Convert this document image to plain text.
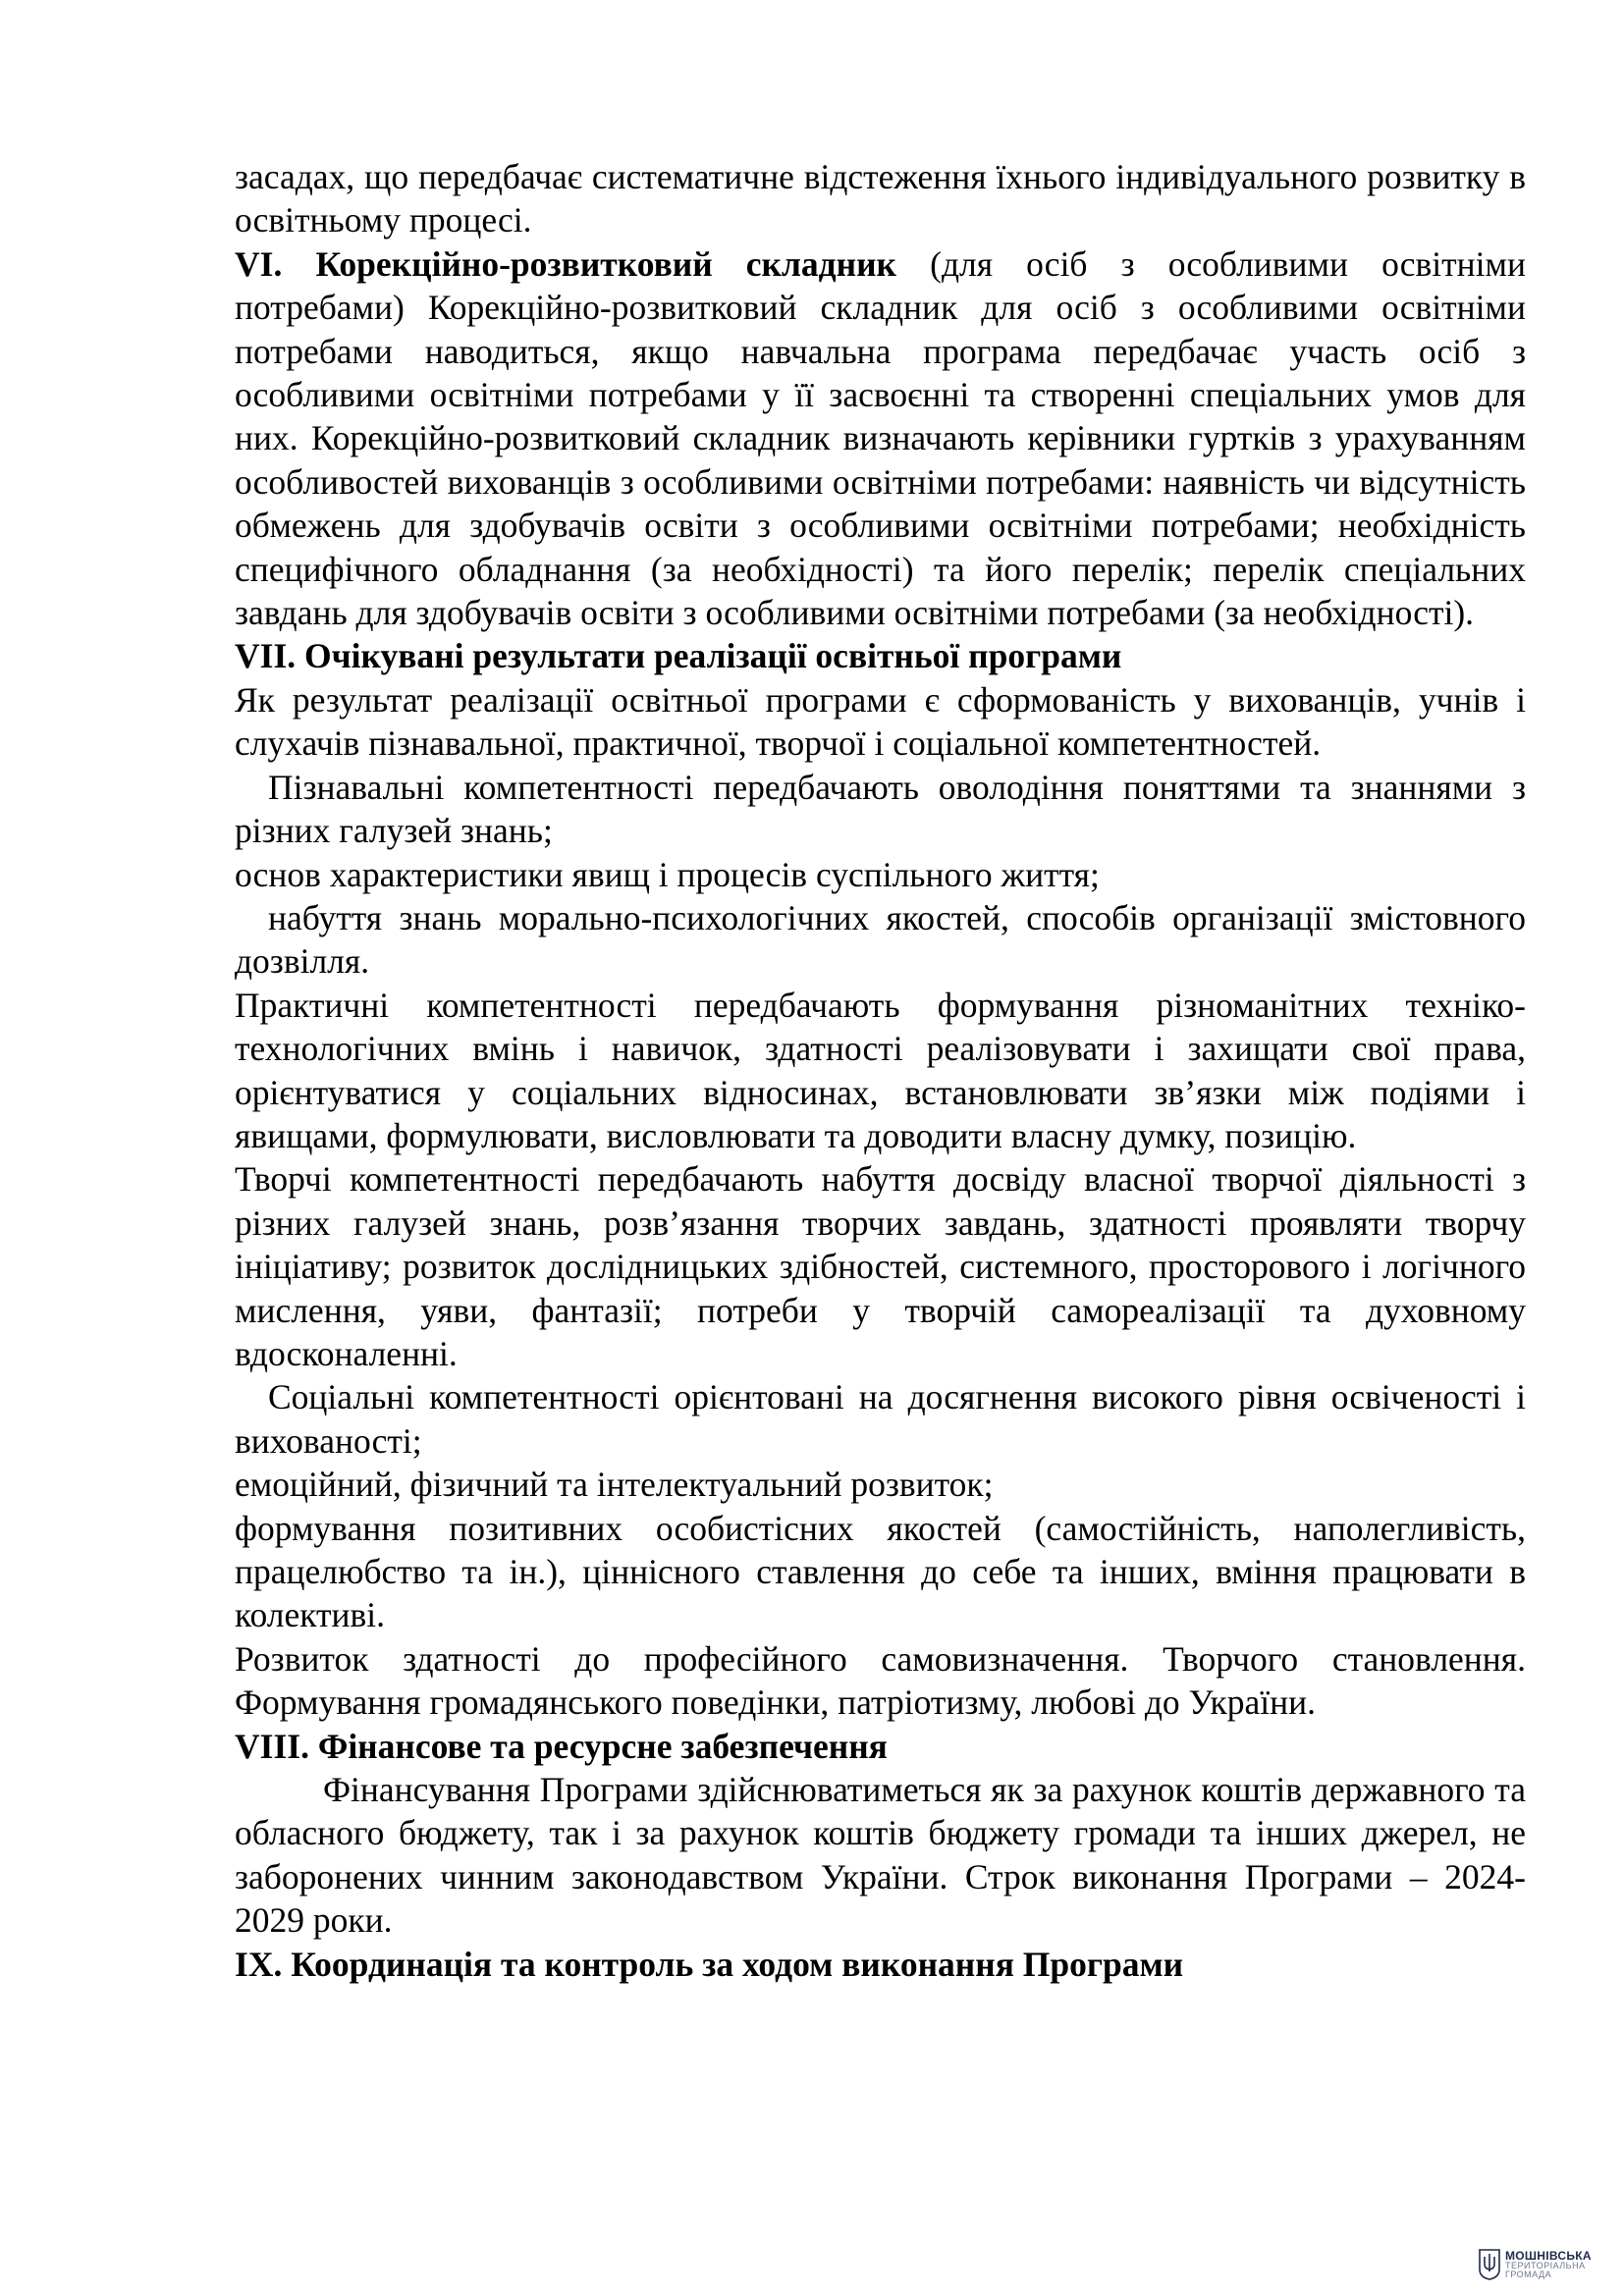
засадах, що передбачає систематичне відстеження їхнього індивідуального розвитку в освітньому процесі.

VI. Корекційно-розвитковий складник (для осіб з особливими освітніми потребами) Корекційно-розвитковий складник для осіб з особливими освітніми потребами наводиться, якщо навчальна програма передбачає участь осіб з особливими освітніми потребами у її засвоєнні та створенні спеціальних умов для них. Корекційно-розвитковий складник визначають керівники гуртків з урахуванням особливостей вихованців з особливими освітніми потребами: наявність чи відсутність обмежень для здобувачів освіти з особливими освітніми потребами; необхідність специфічного обладнання (за необхідності) та його перелік; перелік спеціальних завдань для здобувачів освіти з особливими освітніми потребами (за необхідності).

VII. Очікувані результати реалізації освітньої програми

Як результат реалізації освітньої програми є сформованість у вихованців, учнів і слухачів пізнавальної, практичної, творчої і соціальної компетентностей.

Пізнавальні компетентності передбачають оволодіння поняттями та знаннями з різних галузей знань;

основ характеристики явищ і процесів суспільного життя;

набуття знань морально-психологічних якостей, способів організації змістовного дозвілля.

Практичні компетентності передбачають формування різноманітних техніко-технологічних вмінь і навичок, здатності реалізовувати і захищати свої права, орієнтуватися у соціальних відносинах, встановлювати зв’язки між подіями і явищами, формулювати, висловлювати та доводити власну думку, позицію.

Творчі компетентності передбачають набуття досвіду власної творчої діяльності з різних галузей знань, розв’язання творчих завдань, здатності проявляти творчу ініціативу; розвиток дослідницьких здібностей, системного, просторового і логічного мислення, уяви, фантазії; потреби у творчій самореалізації та духовному вдосконаленні.

Соціальні компетентності орієнтовані на досягнення високого рівня освіченості і вихованості;

емоційний, фізичний та інтелектуальний розвиток;

формування позитивних особистісних якостей (самостійність, наполегливість, працелюбство та ін.), ціннісного ставлення до себе та інших, вміння працювати в колективі.

Розвиток здатності до професійного самовизначення. Творчого становлення. Формування громадянського поведінки, патріотизму, любові до України.

VIII. Фінансове та ресурсне забезпечення

Фінансування Програми здійснюватиметься як за рахунок коштів державного та обласного бюджету, так і за рахунок коштів бюджету громади та інших джерел, не заборонених чинним законодавством України. Строк виконання Програми – 2024-2029 роки.

IX. Координація та контроль за ходом виконання Програми
МОШНІВСЬКА
ТЕРИТОРІАЛЬНА
ГРОМАДА
